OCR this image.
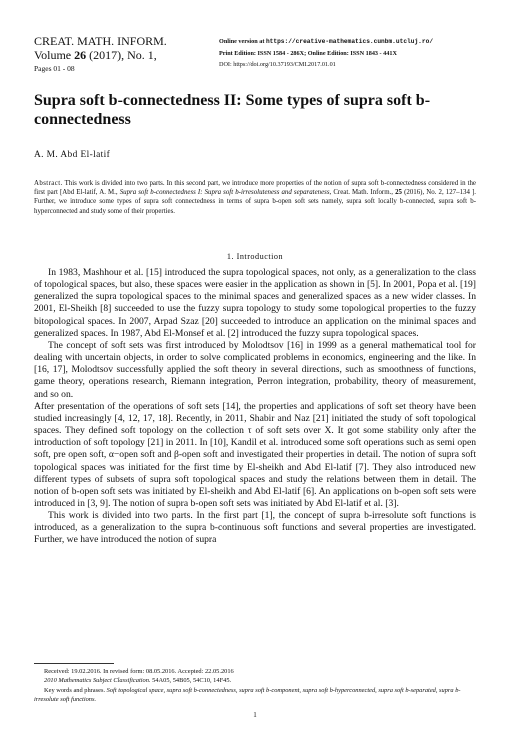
CREAT. MATH. INFORM.
Volume 26 (2017), No. 1,
Pages 01 - 08
Online version at https://creative-mathematics.cunbm.utcluj.ro/
Print Edition: ISSN 1584 - 286X; Online Edition: ISSN 1843 - 441X
DOI: https://doi.org/10.37193/CMI.2017.01.01
Supra soft b-connectedness II: Some types of supra soft b-connectedness
A. M. Abd El-latif
Abstract. This work is divided into two parts. In this second part, we introduce more properties of the notion of supra soft b-connectedness considered in the first part [Abd El-latif, A. M., Supra soft b-connectedness I: Supra soft b-irresoluteness and separateness, Creat. Math. Inform., 25 (2016), No. 2, 127–134 ]. Further, we introduce some types of supra soft connectedness in terms of supra b-open soft sets namely, supra soft locally b-connected, supra soft b-hyperconnected and study some of their properties.
1. Introduction

In 1983, Mashhour et al. [15] introduced the supra topological spaces, not only, as a generalization to the class of topological spaces, but also, these spaces were easier in the application as shown in [5]. In 2001, Popa et al. [19] generalized the supra topological spaces to the minimal spaces and generalized spaces as a new wider classes. In 2001, El-Sheikh [8] succeeded to use the fuzzy supra topology to study some topological properties to the fuzzy bitopological spaces. In 2007, Arpad Szaz [20] succeeded to introduce an application on the minimal spaces and generalized spaces. In 1987, Abd El-Monsef et al. [2] introduced the fuzzy supra topological spaces.

The concept of soft sets was first introduced by Molodtsov [16] in 1999 as a general mathematical tool for dealing with uncertain objects, in order to solve complicated problems in economics, engineering and the like. In [16, 17], Molodtsov successfully applied the soft theory in several directions, such as smoothness of functions, game theory, operations research, Riemann integration, Perron integration, probability, theory of measurement, and so on.

After presentation of the operations of soft sets [14], the properties and applications of soft set theory have been studied increasingly [4, 12, 17, 18]. Recently, in 2011, Shabir and Naz [21] initiated the study of soft topological spaces. They defined soft topology on the collection τ of soft sets over X. It got some stability only after the introduction of soft topology [21] in 2011. In [10], Kandil et al. introduced some soft operations such as semi open soft, pre open soft, α−open soft and β-open soft and investigated their properties in detail. The notion of supra soft topological spaces was initiated for the first time by El-sheikh and Abd El-latif [7]. They also introduced new different types of subsets of supra soft topological spaces and study the relations between them in detail. The notion of b-open soft sets was initiated by El-sheikh and Abd El-latif [6]. An applications on b-open soft sets were introduced in [3, 9]. The notion of supra b-open soft sets was initiated by Abd El-latif et al. [3].

This work is divided into two parts. In the first part [1], the concept of supra b-irresolute soft functions is introduced, as a generalization to the supra b-continuous soft functions and several properties are investigated. Further, we have introduced the notion of supra

Received: 19.02.2016. In revised form: 08.05.2016. Accepted: 22.05.2016

2010 Mathematics Subject Classification. 54A05, 54B05, 54C10, 14F45.

Key words and phrases. Soft topological space, supra soft b-connectedness, supra soft b-component, supra soft b-hyperconnected, supra soft b-separated, supra b-irresolute soft functions.

1
